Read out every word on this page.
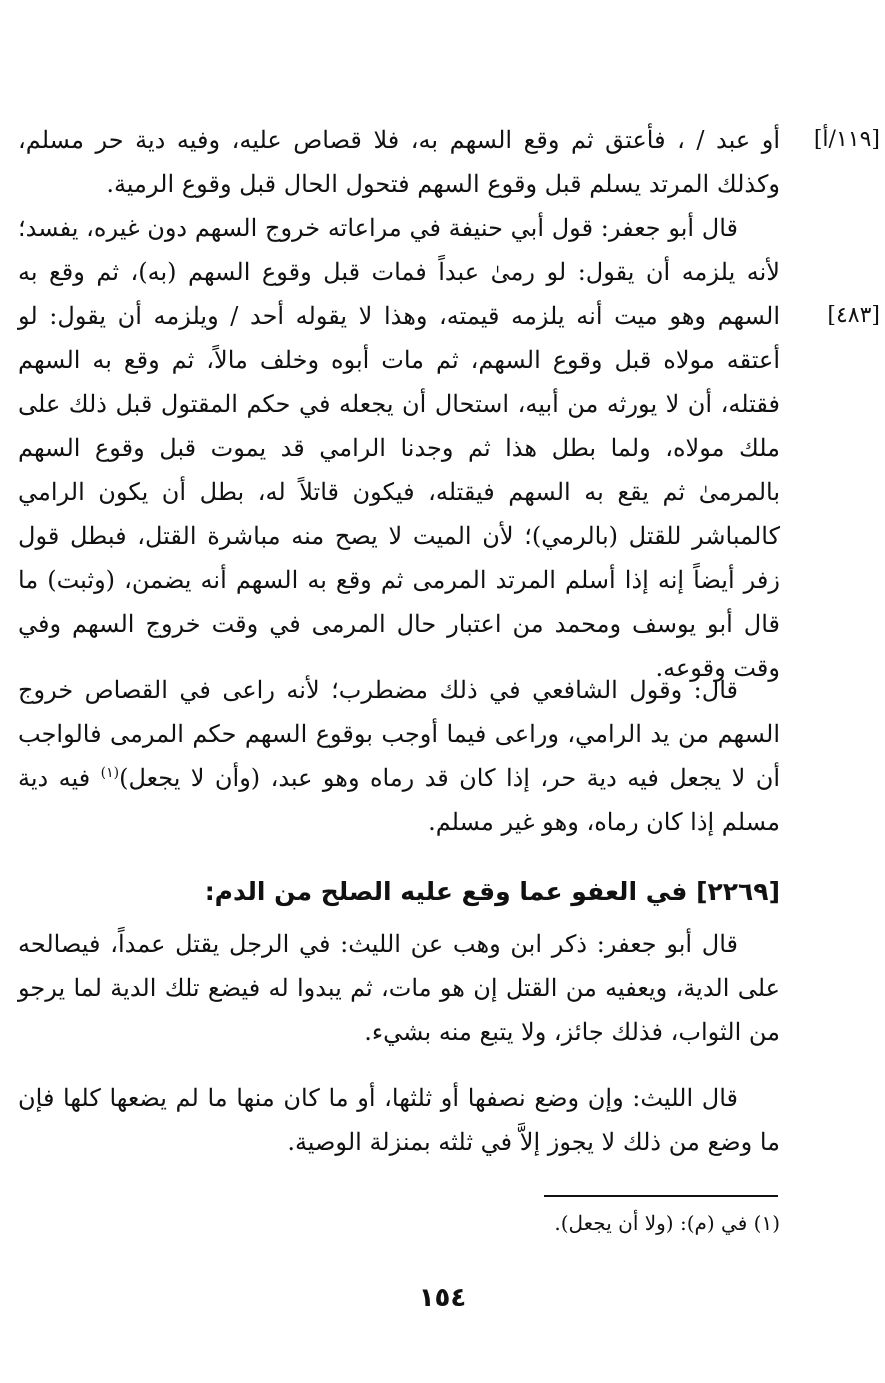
[١١٩/أ]

أو عبد / ، فأعتق ثم وقع السهم به، فلا قصاص عليه، وفيه دية حر مسلم، وكذلك المرتد يسلم قبل وقوع السهم فتحول الحال قبل وقوع الرمية.

قال أبو جعفر: قول أبي حنيفة في مراعاته خروج السهم دون غيره، يفسد؛ لأنه يلزمه أن يقول: لو رمىٰ عبداً فمات قبل وقوع السهم (به)، ثم وقع به السهم وهو ميت أنه يلزمه قيمته، وهذا لا يقوله أحد / ويلزمه أن يقول: لو أعتقه مولاه قبل وقوع السهم، ثم مات أبوه وخلف مالاً، ثم وقع به السهم فقتله، أن لا يورثه من أبيه، استحال أن يجعله في حكم المقتول قبل ذلك على ملك مولاه، ولما بطل هذا ثم وجدنا الرامي قد يموت قبل وقوع السهم بالمرمىٰ ثم يقع به السهم فيقتله، فيكون قاتلاً له، بطل أن يكون الرامي كالمباشر للقتل (بالرمي)؛ لأن الميت لا يصح منه مباشرة القتل، فبطل قول زفر أيضاً إنه إذا أسلم المرتد المرمى ثم وقع به السهم أنه يضمن، (وثبت) ما قال أبو يوسف ومحمد من اعتبار حال المرمى في وقت خروج السهم وفي وقت وقوعه.

[٤٨٣]

قال: وقول الشافعي في ذلك مضطرب؛ لأنه راعى في القصاص خروج السهم من يد الرامي، وراعى فيما أوجب بوقوع السهم حكم المرمى فالواجب أن لا يجعل فيه دية حر، إذا كان قد رماه وهو عبد، (وأن لا يجعل)$^{(١)}$ فيه دية مسلم إذا كان رماه، وهو غير مسلم.

[٢٢٦٩] في العفو عما وقع عليه الصلح من الدم:

قال أبو جعفر: ذكر ابن وهب عن الليث: في الرجل يقتل عمداً، فيصالحه على الدية، ويعفيه من القتل إن هو مات، ثم يبدوا له فيضع تلك الدية لما يرجو من الثواب، فذلك جائز، ولا يتبع منه بشيء.

قال الليث: وإن وضع نصفها أو ثلثها، أو ما كان منها ما لم يضعها كلها فإن ما وضع من ذلك لا يجوز إلاَّ في ثلثه بمنزلة الوصية.

(١) في (م): (ولا أن يجعل).

١٥٤
